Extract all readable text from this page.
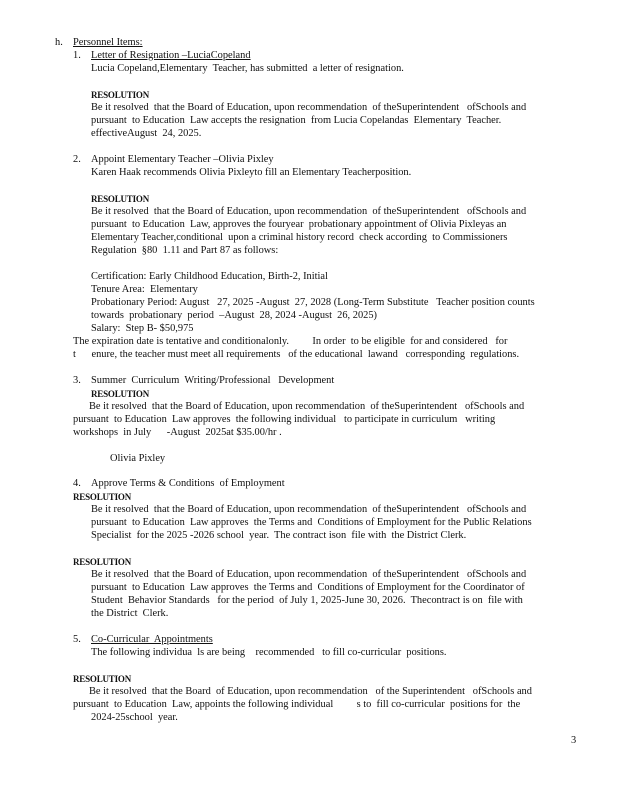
h. Personnel Items:
1. Letter of Resignation –LuciaCopeland
Lucia Copeland,Elementary  Teacher, has submitted  a letter of resignation.
RESOLUTION
Be it resolved  that the Board of Education, upon recommendation  of theSuperintendent   ofSchools and
pursuant  to Education  Law accepts the resignation  from Lucia Copelandas  Elementary  Teacher.
effectiveAugust  24, 2025.
2. Appoint Elementary Teacher –Olivia Pixley
Karen Haak recommends Olivia Pixleyto fill an Elementary Teacherposition.
RESOLUTION
Be it resolved  that the Board of Education, upon recommendation  of theSuperintendent   ofSchools and
pursuant  to Education  Law, approves the fouryear  probationary appointment of Olivia Pixleyas an
Elementary Teacher,conditional  upon a criminal history record  check according  to Commissioners
Regulation  §80  1.11 and Part 87 as follows:
Certification: Early Childhood Education, Birth-2, Initial
Tenure Area:  Elementary
Probationary Period: August   27, 2025 -August  27, 2028 (Long-Term Substitute   Teacher position counts
towards  probationary  period  –August  28, 2024 -August  26, 2025)
Salary:  Step B- $50,975
The expiration date is tentative and conditionalonly.         In order  to be eligible  for and considered   for
t      enure, the teacher must meet all requirements   of the educational  lawand   corresponding  regulations.
3. Summer  Curriculum  Writing/Professional   Development
RESOLUTION
Be it resolved  that the Board of Education, upon recommendation  of theSuperintendent   ofSchools and
pursuant  to Education  Law approves  the following individual   to participate in curriculum   writing
workshops  in July      -August  2025at $35.00/hr .
Olivia Pixley
4. Approve Terms & Conditions  of Employment
RESOLUTION
Be it resolved  that the Board of Education, upon recommendation  of theSuperintendent   ofSchools and
pursuant  to Education  Law approves  the Terms and  Conditions of Employment for the Public Relations
Specialist  for the 2025 -2026 school  year.  The contract ison  file with  the District Clerk.
RESOLUTION
Be it resolved  that the Board of Education, upon recommendation  of theSuperintendent   ofSchools and
pursuant  to Education  Law approves  the Terms and  Conditions of Employment for the Coordinator of
Student  Behavior Standards   for the period  of July 1, 2025-June 30, 2026.  Thecontract is on  file with
the District  Clerk.
5. Co-Curricular  Appointments
The following individua  ls are being    recommended   to fill co-curricular  positions.
RESOLUTION
Be it resolved  that the Board  of Education, upon recommendation   of the Superintendent   ofSchools and
pursuant  to Education  Law, appoints the following individual         s to  fill co-curricular  positions for  the
2024-25school  year.
3
